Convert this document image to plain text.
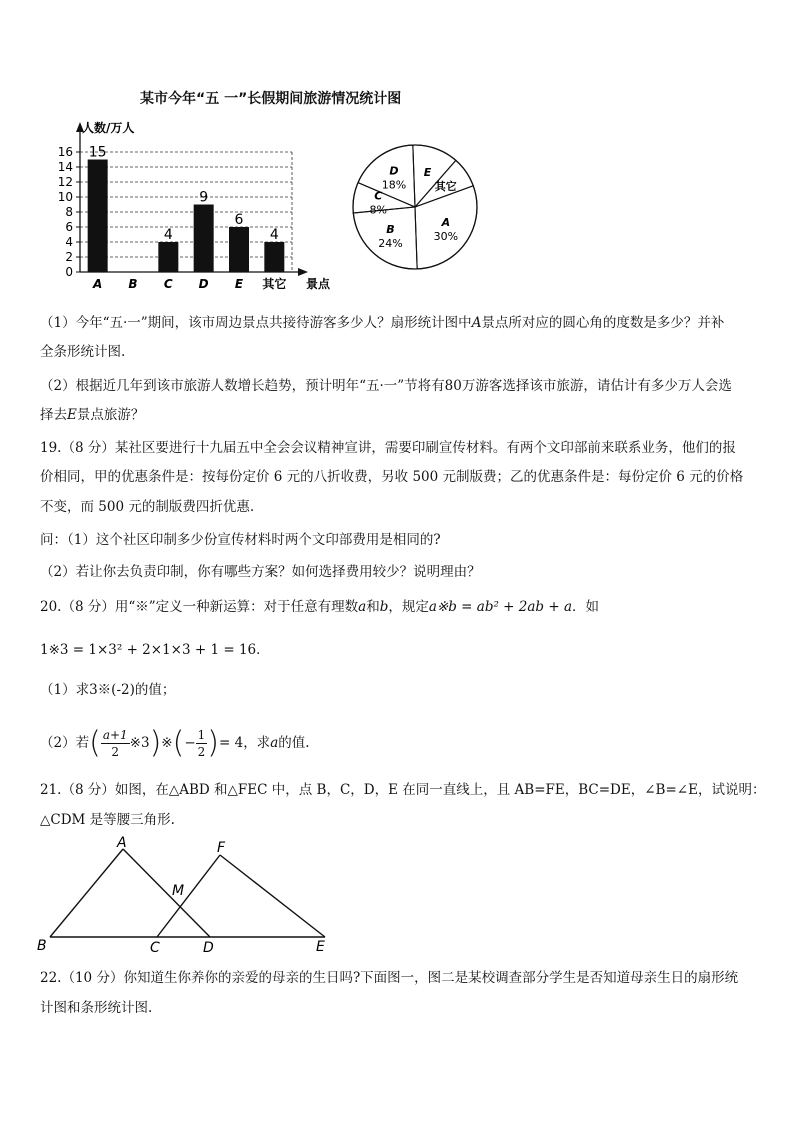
某市今年“五 一”长假期间旅游情况统计图
0
2
4
6
8
10
12
14
16 15
4
9
6
4
A B C D E 其它
人数/万人
景点
A
30%
B
24%
C
8%
D
18%
E
其它
（1）今年“五·一”期间，该市周边景点共接待游客多少人？扇形统计图中A景点所对应的圆心角的度数是多少？并补
全条形统计图.
（2）根据近几年到该市旅游人数增长趋势，预计明年“五·一”节将有80万游客选择该市旅游，请估计有多少万人会选
择去E景点旅游？
19.（8 分）某社区要进行十九届五中全会会议精神宣讲，需要印刷宣传材料。有两个文印部前来联系业务，他们的报
价相同，甲的优惠条件是：按每份定价 6 元的八折收费，另收 500 元制版费；乙的优惠条件是：每份定价 6 元的价格
不变，而 500 元的制版费四折优惠.
问：（1）这个社区印制多少份宣传材料时两个文印部费用是相同的?
（2）若让你去负责印制，你有哪些方案？如何选择费用较少？说明理由？
20.（8 分）用“※”定义一种新运算：对于任意有理数a和b，规定a※b = ab² + 2ab + a．如
1※3 = 1×3² + 2×1×3 + 1 = 16．
（1）求3※(-2)的值；
（2）若( $\frac{a+1}{2}$ ※3)※(− $\frac{1}{2}$ )= 4，求a的值.
21.（8 分）如图，在△ABD 和△FEC 中，点 B，C，D，E 在同一直线上，且 AB=FE，BC=DE，∠B=∠E，试说明：
△CDM 是等腰三角形.
A	F
M
B	C	D	E
22.（10 分）你知道生你养你的亲爱的母亲的生日吗?下面图一，图二是某校调查部分学生是否知道母亲生日的扇形统
计图和条形统计图.
